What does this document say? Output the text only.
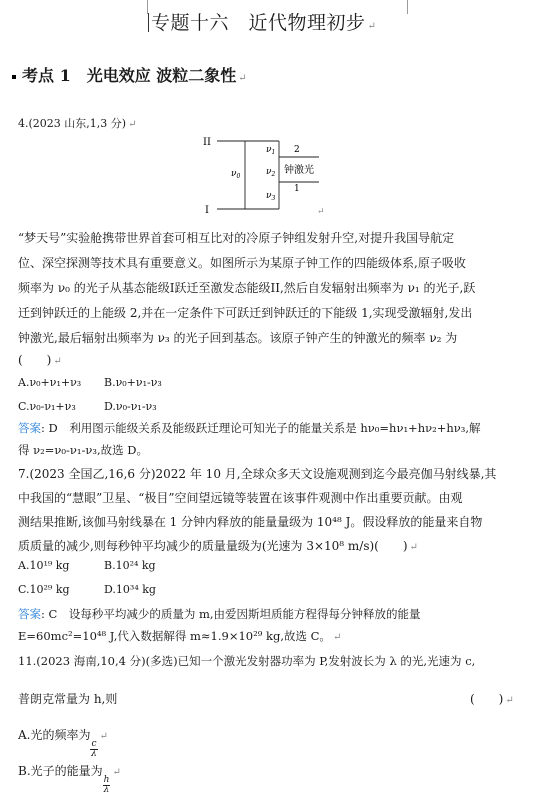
专题十六　近代物理初步 ↵
考点 1　光电效应 波粒二象性 ↵
4.(2023 山东,1,3 分) ↵
II
I
$\nu_0$
$\nu_1$
$\nu_2$
$\nu_3$
2
1
钟激光
↵
“梦天号”实验舱携带世界首套可相互比对的冷原子钟组发射升空,对提升我国导航定
位、深空探测等技术具有重要意义。如图所示为某原子钟工作的四能级体系,原子吸收
频率为 ν₀ 的光子从基态能级I跃迁至激发态能级II,然后自发辐射出频率为 ν₁ 的光子,跃
迁到钟跃迁的上能级 2,并在一定条件下可跃迁到钟跃迁的下能级 1,实现受激辐射,发出
钟激光,最后辐射出频率为 ν₃ 的光子回到基态。该原子钟产生的钟激光的频率 ν₂ 为
(　　) ↵
A.ν₀+ν₁+ν₃ B.ν₀+ν₁-ν₃
C.ν₀-ν₁+ν₃	D.ν₀-ν₁-ν₃
答案: D　利用图示能级关系及能级跃迁理论可知光子的能量关系是 hν₀=hν₁+hν₂+hν₃,解
得 ν₂=ν₀-ν₁-ν₃,故选 D。
7.(2023 全国乙,16,6 分)2022 年 10 月,全球众多天文设施观测到迄今最亮伽马射线暴,其
中我国的“慧眼”卫星、“极目”空间望远镜等装置在该事件观测中作出重要贡献。由观
测结果推断,该伽马射线暴在 1 分钟内释放的能量量级为 10⁴⁸ J。假设释放的能量来自物
质质量的减少,则每秒钟平均减少的质量量级为(光速为 3×10⁸ m/s)(　　) ↵
A.10¹⁹ kg	B.10²⁴ kg
C.10²⁹ kg	D.10³⁴ kg
答案: C　设每秒平均减少的质量为 m,由爱因斯坦质能方程得每分钟释放的能量
E=60mc²=10⁴⁸ J,代入数据解得 m≈1.9×10²⁹ kg,故选 C。 ↵
11.(2023 海南,10,4 分)(多选)已知一个激光发射器功率为 P,发射波长为 λ 的光,光速为 c,
普朗克常量为 h,则	(　　) ↵
A.光的频率为
$\frac{c}{\lambda}$
↵
B.光子的能量为
$\frac{h}{\lambda}$
↵
